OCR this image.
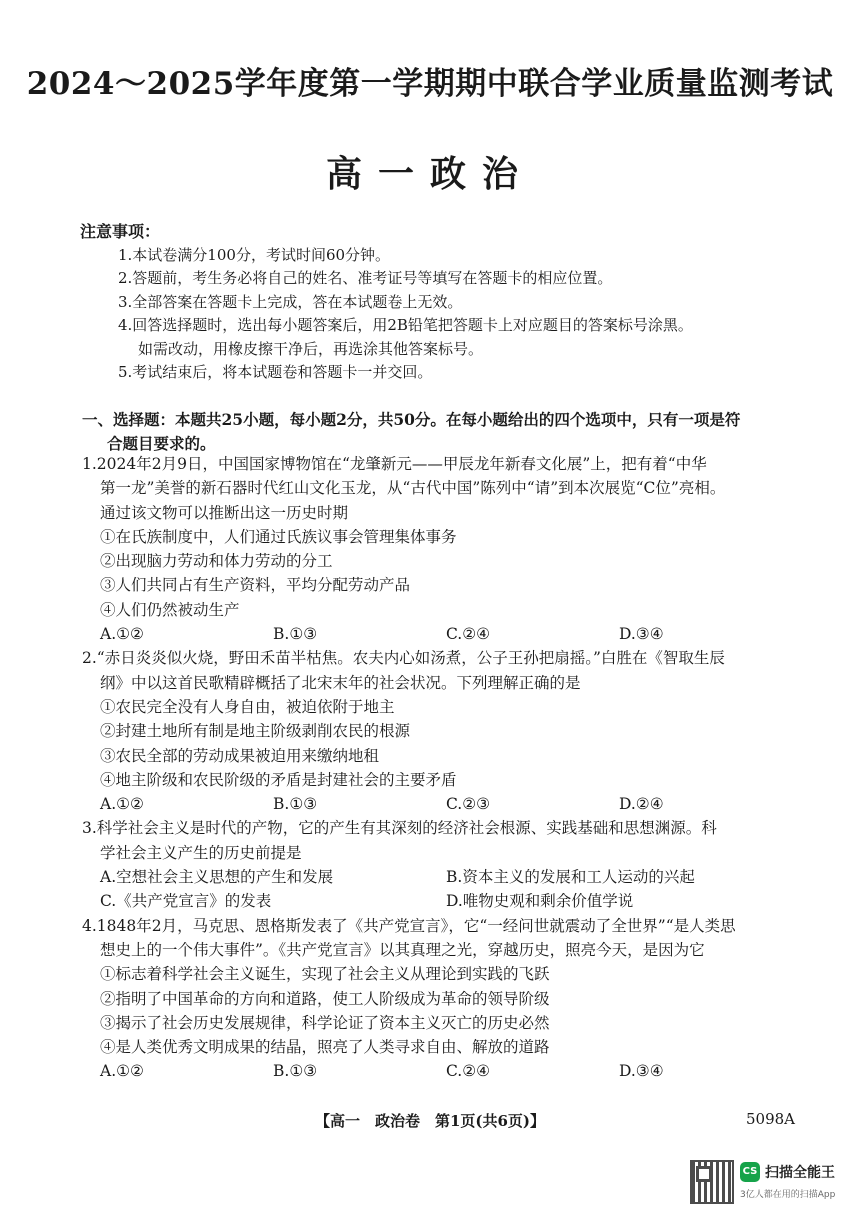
2024～2025学年度第一学期期中联合学业质量监测考试
高一政治
注意事项：
1.本试卷满分100分，考试时间60分钟。
2.答题前，考生务必将自己的姓名、准考证号等填写在答题卡的相应位置。
3.全部答案在答题卡上完成，答在本试题卷上无效。
4.回答选择题时，选出每小题答案后，用2B铅笔把答题卡上对应题目的答案标号涂黑。
如需改动，用橡皮擦干净后，再选涂其他答案标号。
5.考试结束后，将本试题卷和答题卡一并交回。
一、选择题：本题共25小题，每小题2分，共50分。在每小题给出的四个选项中，只有一项是符
合题目要求的。
1.2024年2月9日，中国国家博物馆在“龙肇新元——甲辰龙年新春文化展”上，把有着“中华
第一龙”美誉的新石器时代红山文化玉龙，从“古代中国”陈列中“请”到本次展览“C位”亮相。
通过该文物可以推断出这一历史时期
①在氏族制度中，人们通过氏族议事会管理集体事务
②出现脑力劳动和体力劳动的分工
③人们共同占有生产资料，平均分配劳动产品
④人们仍然被动生产
A.①②	B.①③	C.②④	D.③④
2.“赤日炎炎似火烧，野田禾苗半枯焦。农夫内心如汤煮，公子王孙把扇摇。”白胜在《智取生辰
纲》中以这首民歌精辟概括了北宋末年的社会状况。下列理解正确的是
①农民完全没有人身自由，被迫依附于地主
②封建土地所有制是地主阶级剥削农民的根源
③农民全部的劳动成果被迫用来缴纳地租
④地主阶级和农民阶级的矛盾是封建社会的主要矛盾
A.①②	B.①③	C.②③	D.②④
3.科学社会主义是时代的产物，它的产生有其深刻的经济社会根源、实践基础和思想渊源。科
学社会主义产生的历史前提是
A.空想社会主义思想的产生和发展	B.资本主义的发展和工人运动的兴起
C.《共产党宣言》的发表	D.唯物史观和剩余价值学说
4.1848年2月，马克思、恩格斯发表了《共产党宣言》，它“一经问世就震动了全世界”“是人类思
想史上的一个伟大事件”。《共产党宣言》以其真理之光，穿越历史，照亮今天，是因为它
①标志着科学社会主义诞生，实现了社会主义从理论到实践的飞跃
②指明了中国革命的方向和道路，使工人阶级成为革命的领导阶级
③揭示了社会历史发展规律，科学论证了资本主义灭亡的历史必然
④是人类优秀文明成果的结晶，照亮了人类寻求自由、解放的道路
A.①②	B.①③	C.②④	D.③④
【高一　政治卷　第1页(共6页)】	5098A
CS 扫描全能王
3亿人都在用的扫描App
